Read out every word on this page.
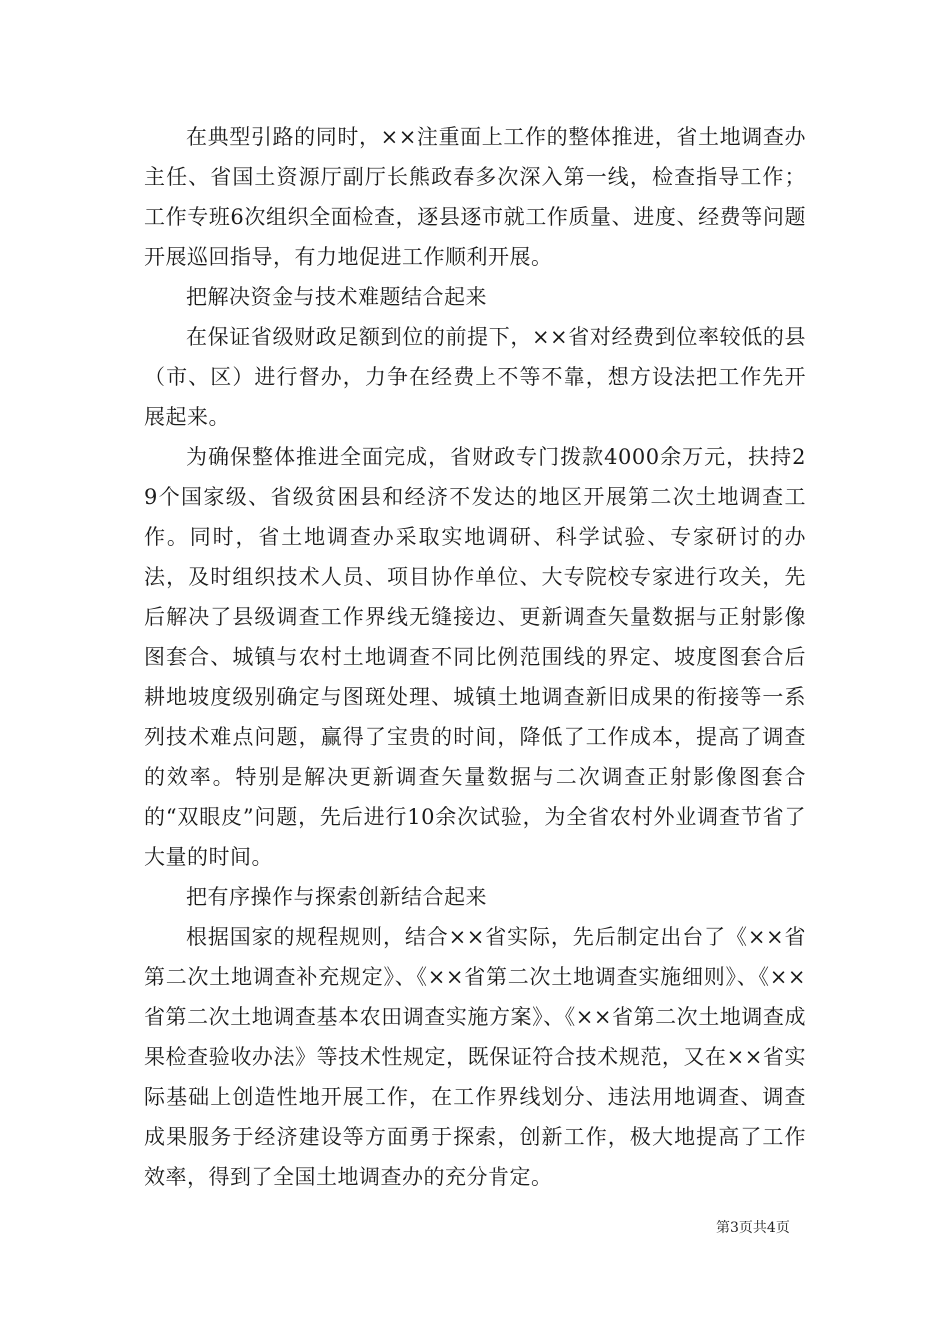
在典型引路的同时，××注重面上工作的整体推进，省土地调查办主任、省国土资源厅副厅长熊政春多次深入第一线，检查指导工作；工作专班6次组织全面检查，逐县逐市就工作质量、进度、经费等问题开展巡回指导，有力地促进工作顺利开展。

把解决资金与技术难题结合起来

在保证省级财政足额到位的前提下，××省对经费到位率较低的县（市、区）进行督办，力争在经费上不等不靠，想方设法把工作先开展起来。

为确保整体推进全面完成，省财政专门拨款4000余万元，扶持29个国家级、省级贫困县和经济不发达的地区开展第二次土地调查工作。同时，省土地调查办采取实地调研、科学试验、专家研讨的办法，及时组织技术人员、项目协作单位、大专院校专家进行攻关，先后解决了县级调查工作界线无缝接边、更新调查矢量数据与正射影像图套合、城镇与农村土地调查不同比例范围线的界定、坡度图套合后耕地坡度级别确定与图斑处理、城镇土地调查新旧成果的衔接等一系列技术难点问题，赢得了宝贵的时间，降低了工作成本，提高了调查的效率。特别是解决更新调查矢量数据与二次调查正射影像图套合的“双眼皮”问题，先后进行10余次试验，为全省农村外业调查节省了大量的时间。

把有序操作与探索创新结合起来

根据国家的规程规则，结合××省实际，先后制定出台了《××省第二次土地调查补充规定》、《××省第二次土地调查实施细则》、《××省第二次土地调查基本农田调查实施方案》、《××省第二次土地调查成果检查验收办法》等技术性规定，既保证符合技术规范，又在××省实际基础上创造性地开展工作，在工作界线划分、违法用地调查、调查成果服务于经济建设等方面勇于探索，创新工作，极大地提高了工作效率，得到了全国土地调查办的充分肯定。

第3页共4页
